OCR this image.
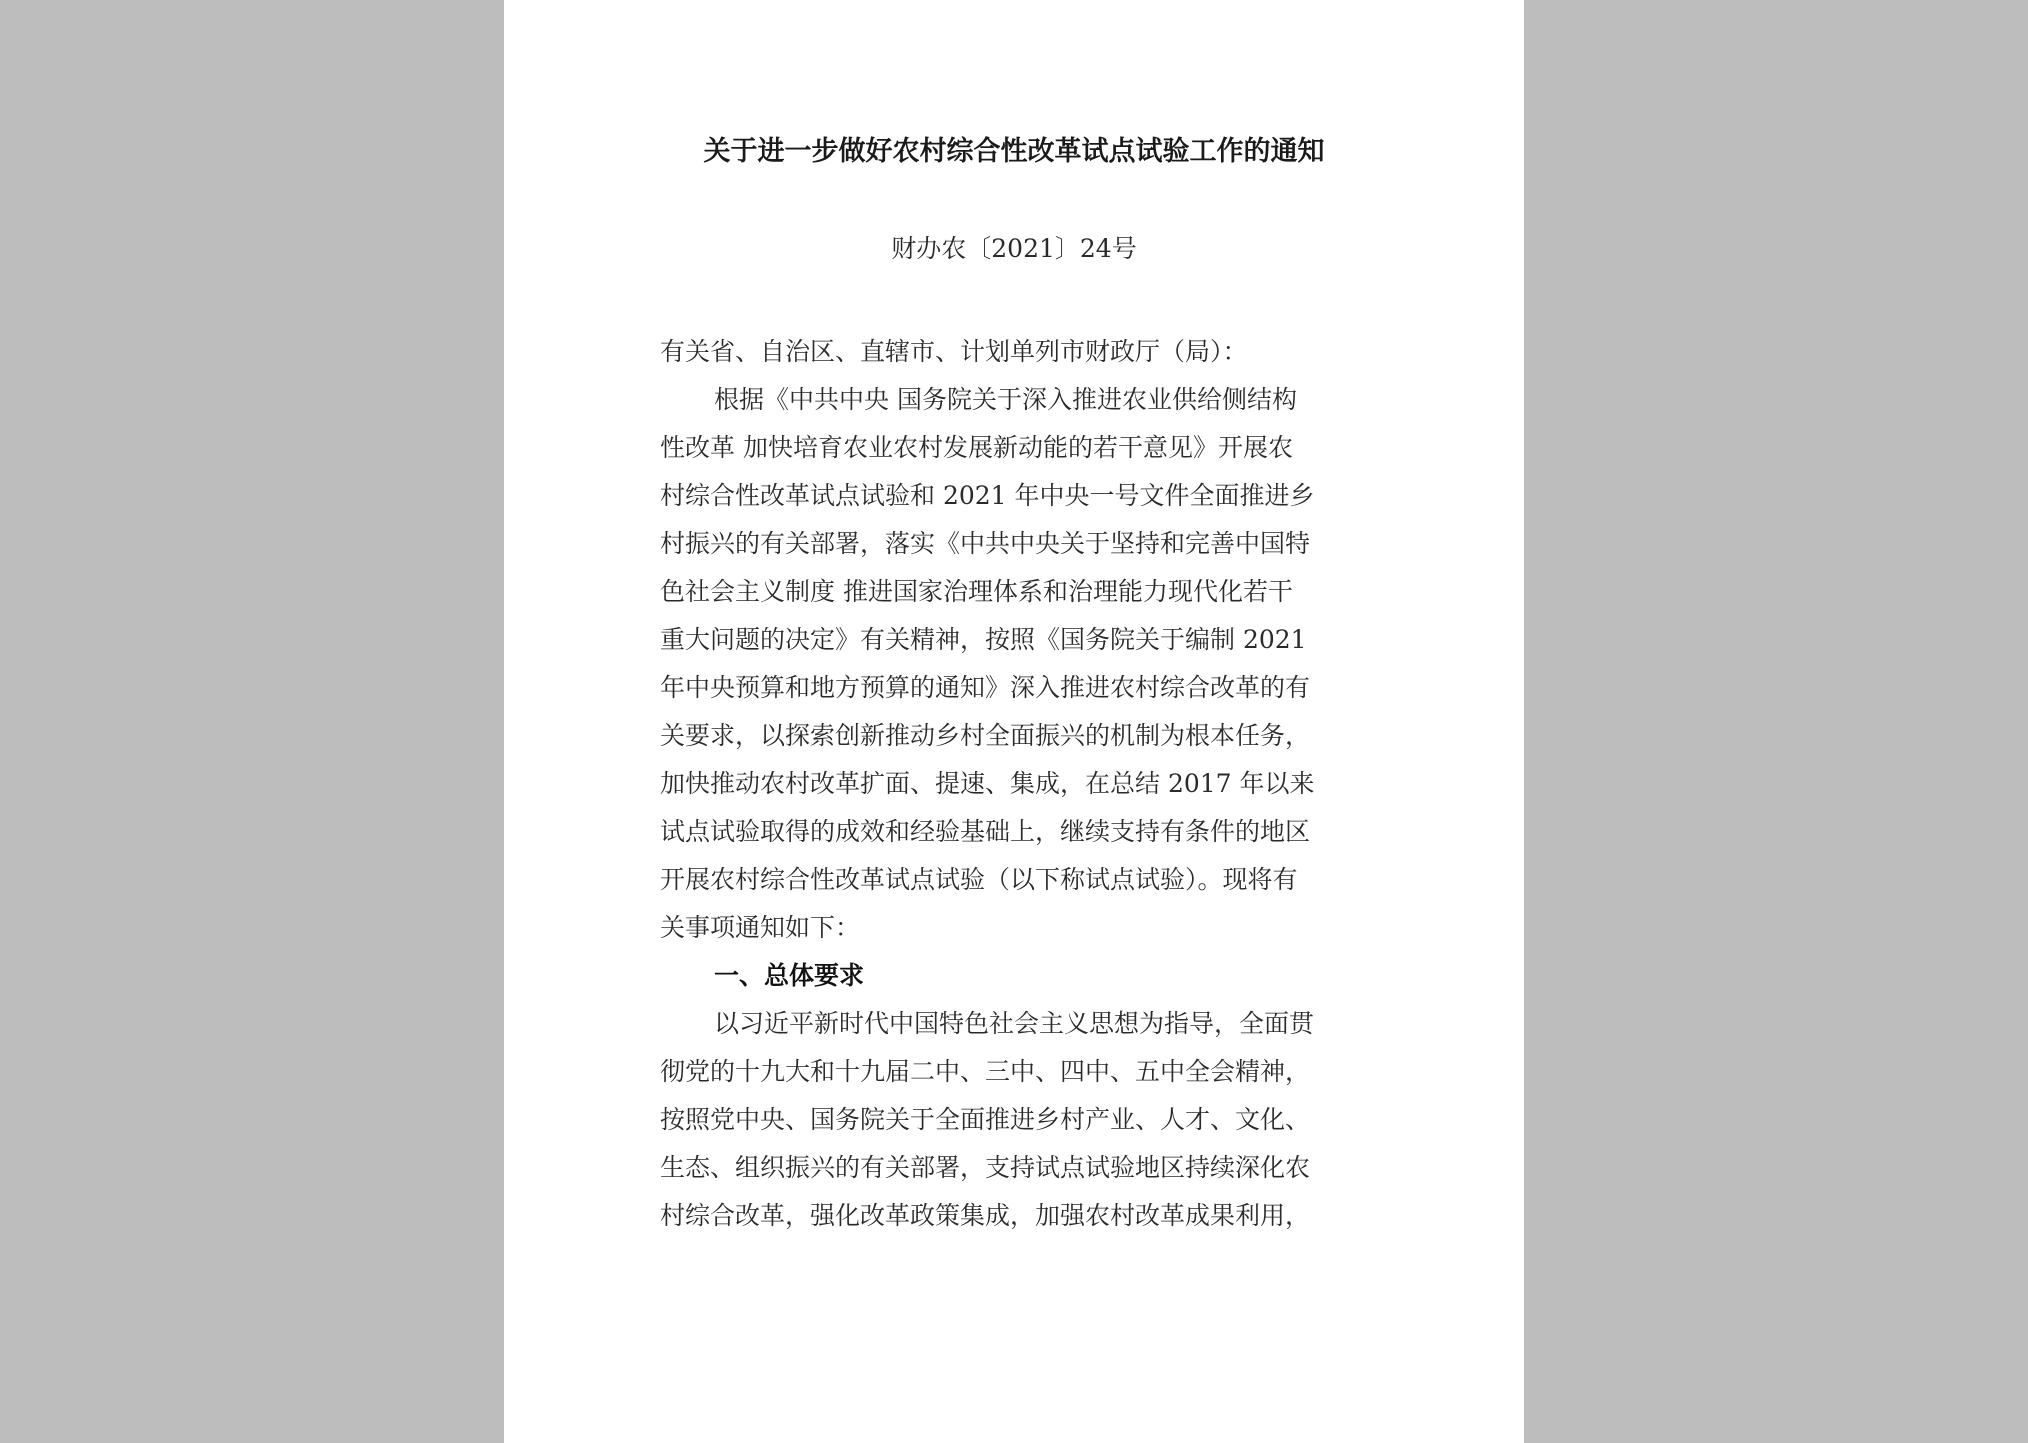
关于进一步做好农村综合性改革试点试验工作的通知
财办农〔2021〕24号
有关省、自治区、直辖市、计划单列市财政厅（局）：
根据《中共中央 国务院关于深入推进农业供给侧结构
性改革 加快培育农业农村发展新动能的若干意见》开展农
村综合性改革试点试验和 2021 年中央一号文件全面推进乡
村振兴的有关部署，落实《中共中央关于坚持和完善中国特
色社会主义制度 推进国家治理体系和治理能力现代化若干
重大问题的决定》有关精神，按照《国务院关于编制 2021
年中央预算和地方预算的通知》深入推进农村综合改革的有
关要求，以探索创新推动乡村全面振兴的机制为根本任务，
加快推动农村改革扩面、提速、集成，在总结 2017 年以来
试点试验取得的成效和经验基础上，继续支持有条件的地区
开展农村综合性改革试点试验（以下称试点试验）。现将有
关事项通知如下：
一、总体要求
以习近平新时代中国特色社会主义思想为指导，全面贯
彻党的十九大和十九届二中、三中、四中、五中全会精神，
按照党中央、国务院关于全面推进乡村产业、人才、文化、
生态、组织振兴的有关部署，支持试点试验地区持续深化农
村综合改革，强化改革政策集成，加强农村改革成果利用，
